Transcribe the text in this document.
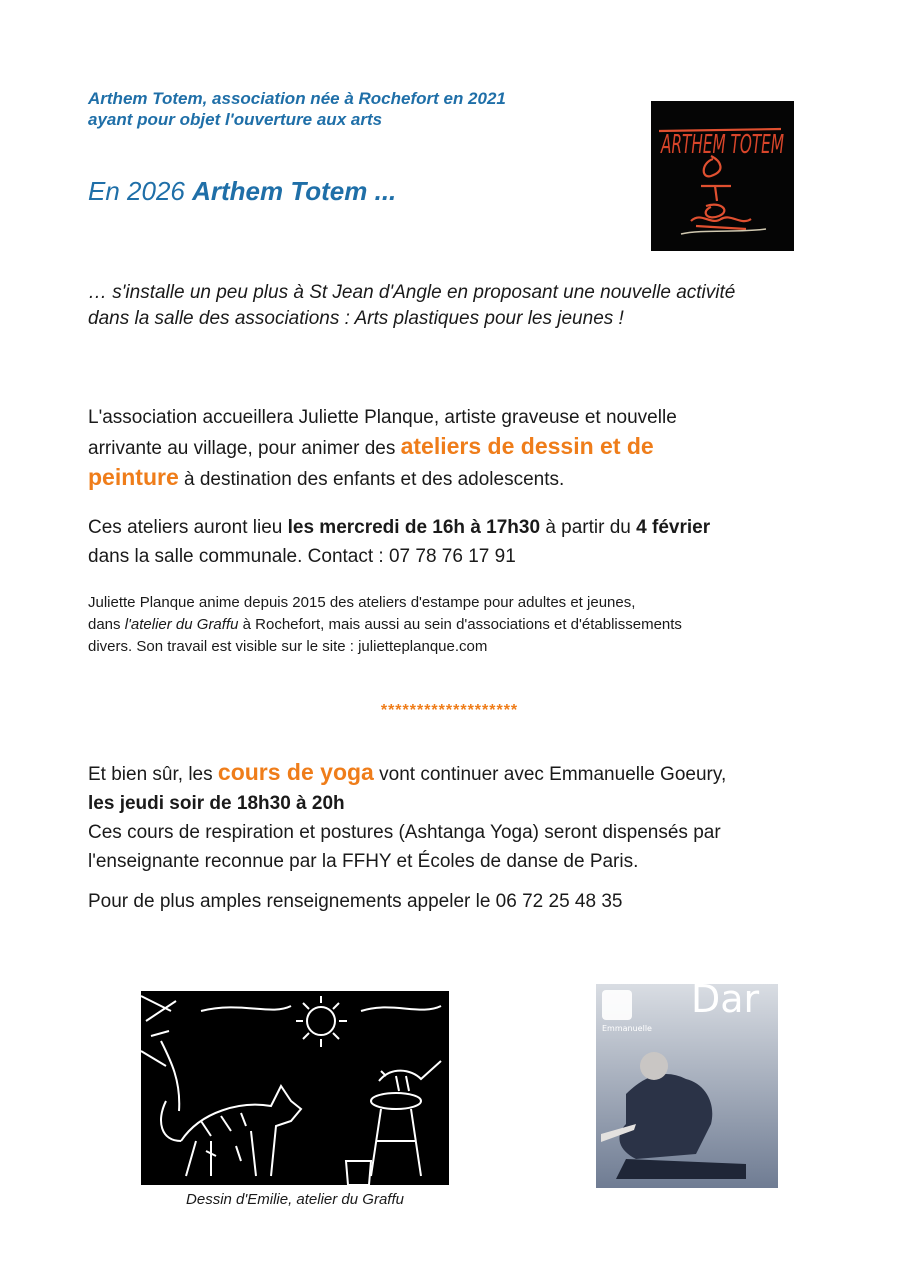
Arthem Totem, association née à Rochefort en 2021
ayant pour objet l'ouverture aux arts
En 2026 Arthem Totem ...
ARTHEM TOTEM
… s'installe un peu plus à St Jean d'Angle en proposant une nouvelle activité
dans la salle des associations : Arts plastiques pour les jeunes !
L'association accueillera Juliette Planque, artiste graveuse et nouvelle
arrivante au village, pour animer des ateliers de dessin et de
peinture à destination des enfants et des adolescents.
Ces ateliers auront lieu les mercredi de 16h à 17h30 à partir du 4 février
dans la salle communale. Contact : 07 78 76 17 91
Juliette Planque anime depuis 2015 des ateliers d'estampe pour adultes et jeunes,
dans l'atelier du Graffu à Rochefort, mais aussi au sein d'associations et d'établissements
divers. Son travail est visible sur le site : julietteplanque.com
*******************
Et bien sûr, les cours de yoga vont continuer avec Emmanuelle Goeury,
les jeudi soir de 18h30 à 20h
Ces cours de respiration et postures (Ashtanga Yoga) seront dispensés par
l'enseignante reconnue par la FFHY et Écoles de danse de Paris.
Pour de plus amples renseignements appeler le 06 72 25 48 35
Dessin d'Emilie, atelier du Graffu
Dar
Emmanuelle
